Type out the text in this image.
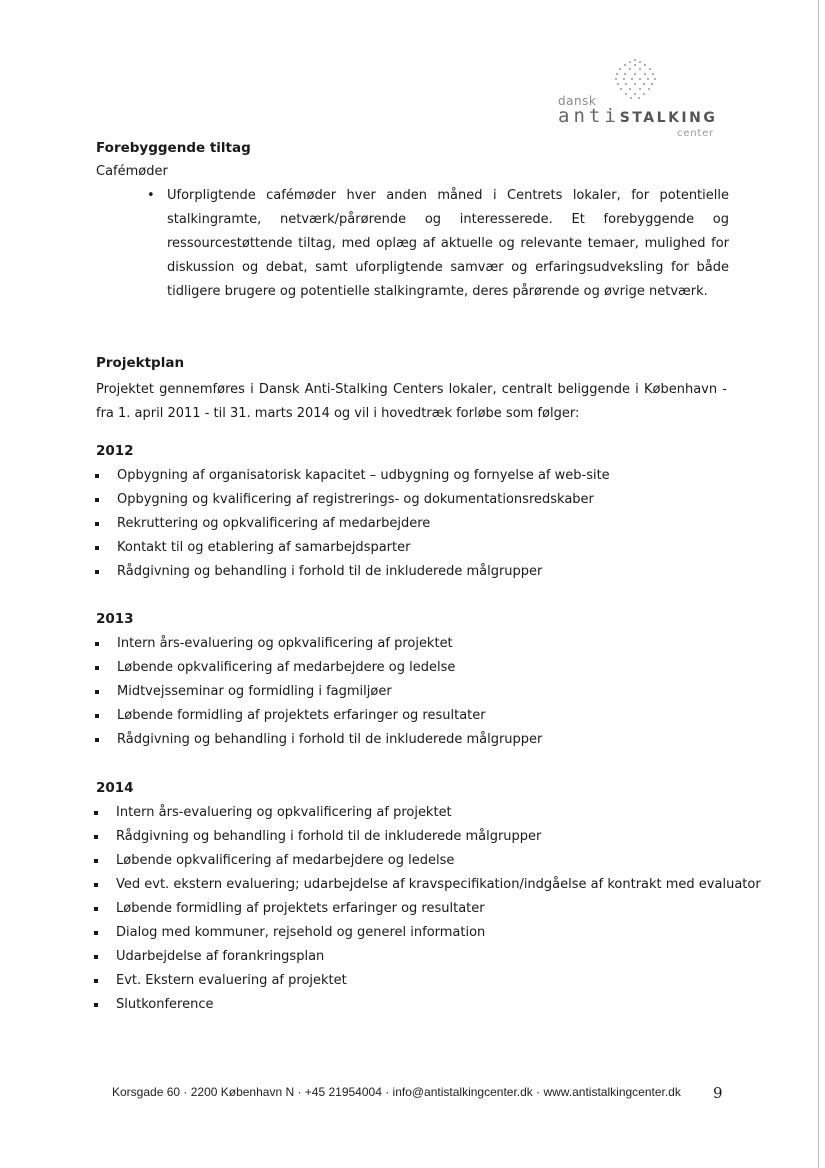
dansk
antiSTALKING
center
Forebyggende tiltag
Cafémøder
• Uforpligtende cafémøder hver anden måned i Centrets lokaler, for potentielle stalkingramte, netværk/pårørende og interesserede. Et forebyggende og ressourcestøttende tiltag, med oplæg af aktuelle og relevante temaer, mulighed for diskussion og debat, samt uforpligtende samvær og erfaringsudveksling for både tidligere brugere og potentielle stalkingramte, deres pårørende og øvrige netværk.
Projektplan
Projektet gennemføres i Dansk Anti-Stalking Centers lokaler, centralt beliggende i København - fra 1. april 2011 - til 31. marts 2014 og vil i hovedtræk forløbe som følger:
2012
Opbygning af organisatorisk kapacitet – udbygning og fornyelse af web-site
Opbygning og kvalificering af registrerings- og dokumentationsredskaber
Rekruttering og opkvalificering af medarbejdere
Kontakt til og etablering af samarbejdsparter
Rådgivning og behandling i forhold til de inkluderede målgrupper
2013
Intern års-evaluering og opkvalificering af projektet
Løbende opkvalificering af medarbejdere og ledelse
Midtvejsseminar og formidling i fagmiljøer
Løbende formidling af projektets erfaringer og resultater
Rådgivning og behandling i forhold til de inkluderede målgrupper
2014
Intern års-evaluering og opkvalificering af projektet
Rådgivning og behandling i forhold til de inkluderede målgrupper
Løbende opkvalificering af medarbejdere og ledelse
Ved evt. ekstern evaluering; udarbejdelse af kravspecifikation/indgåelse af kontrakt med evaluator
Løbende formidling af projektets erfaringer og resultater
Dialog med kommuner, rejsehold og generel information
Udarbejdelse af forankringsplan
Evt. Ekstern evaluering af projektet
Slutkonference
Korsgade 60 · 2200 København N · +45 21954004 · info@antistalkingcenter.dk · www.antistalkingcenter.dk 9
